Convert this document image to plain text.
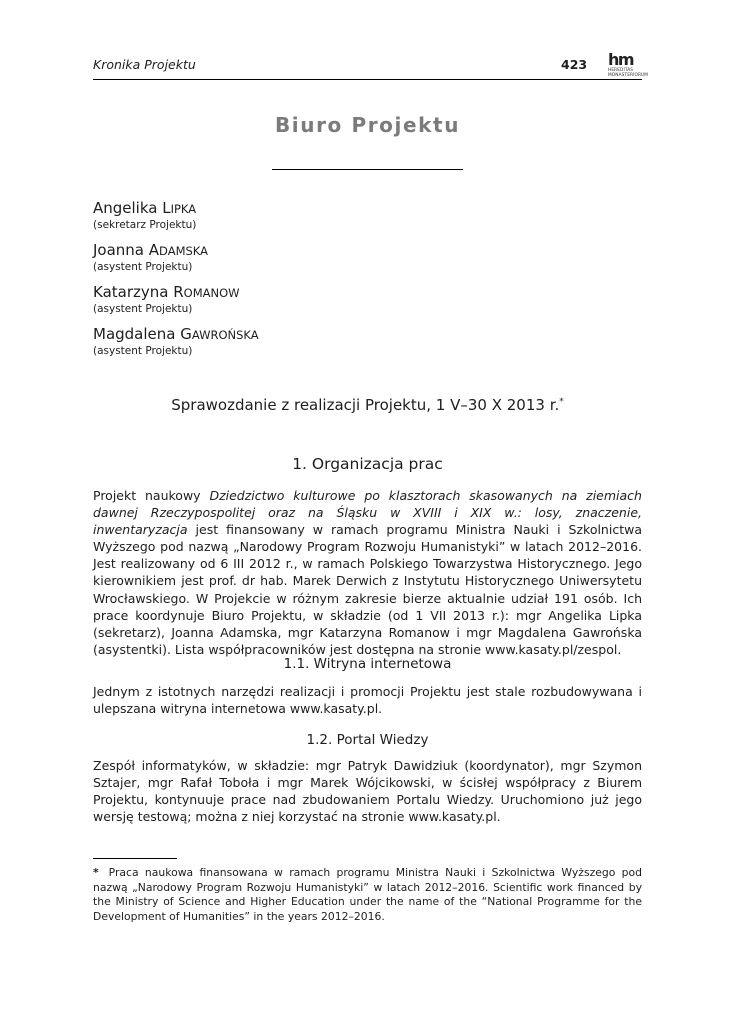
Kronika Projektu	423 hm
HEREDITAS
MONASTERIORUM
Biuro Projektu
Angelika LIPKA
(sekretarz Projektu)
Joanna ADAMSKA
(asystent Projektu)
Katarzyna ROMANOW
(asystent Projektu)
Magdalena GAWROŃSKA
(asystent Projektu)
Sprawozdanie z realizacji Projektu, 1 V–30 X 2013 r.*
1. Organizacja prac

Projekt naukowy Dziedzictwo kulturowe po klasztorach skasowanych na ziemiach dawnej Rzeczypospolitej oraz na Śląsku w XVIII i XIX w.: losy, znaczenie, inwentaryzacja jest finansowany w ramach programu Ministra Nauki i Szkolnictwa Wyższego pod nazwą „Narodowy Program Rozwoju Humanistyki” w latach 2012–2016. Jest realizowany od 6 III 2012 r., w ramach Polskiego Towarzystwa Historycznego. Jego kierownikiem jest prof. dr hab. Marek Derwich z Instytutu Historycznego Uniwersytetu Wrocławskiego. W Projekcie w różnym zakresie bierze aktualnie udział 191 osób. Ich prace koordynuje Biuro Projektu, w składzie (od 1 VII 2013 r.): mgr Angelika Lipka (sekretarz), Joanna Adamska, mgr Katarzyna Romanow i mgr Magdalena Gawrońska (asystentki). Lista współpracowników jest dostępna na stronie www.kasaty.pl/zespol.

1.1. Witryna internetowa

Jednym z istotnych narzędzi realizacji i promocji Projektu jest stale rozbudowywana i ulepszana witryna internetowa www.kasaty.pl.

1.2. Portal Wiedzy

Zespół informatyków, w składzie: mgr Patryk Dawidziuk (koordynator), mgr Szymon Sztajer, mgr Rafał Toboła i mgr Marek Wójcikowski, w ścisłej współpracy z Biurem Projektu, kontynuuje prace nad zbudowaniem Portalu Wiedzy. Uruchomiono już jego wersję testową; można z niej korzystać na stronie www.kasaty.pl.

* Praca naukowa finansowana w ramach programu Ministra Nauki i Szkolnictwa Wyższego pod nazwą „Narodowy Program Rozwoju Humanistyki” w latach 2012–2016. Scientific work financed by the Ministry of Science and Higher Education under the name of the “National Programme for the Development of Humanities” in the years 2012–2016.
